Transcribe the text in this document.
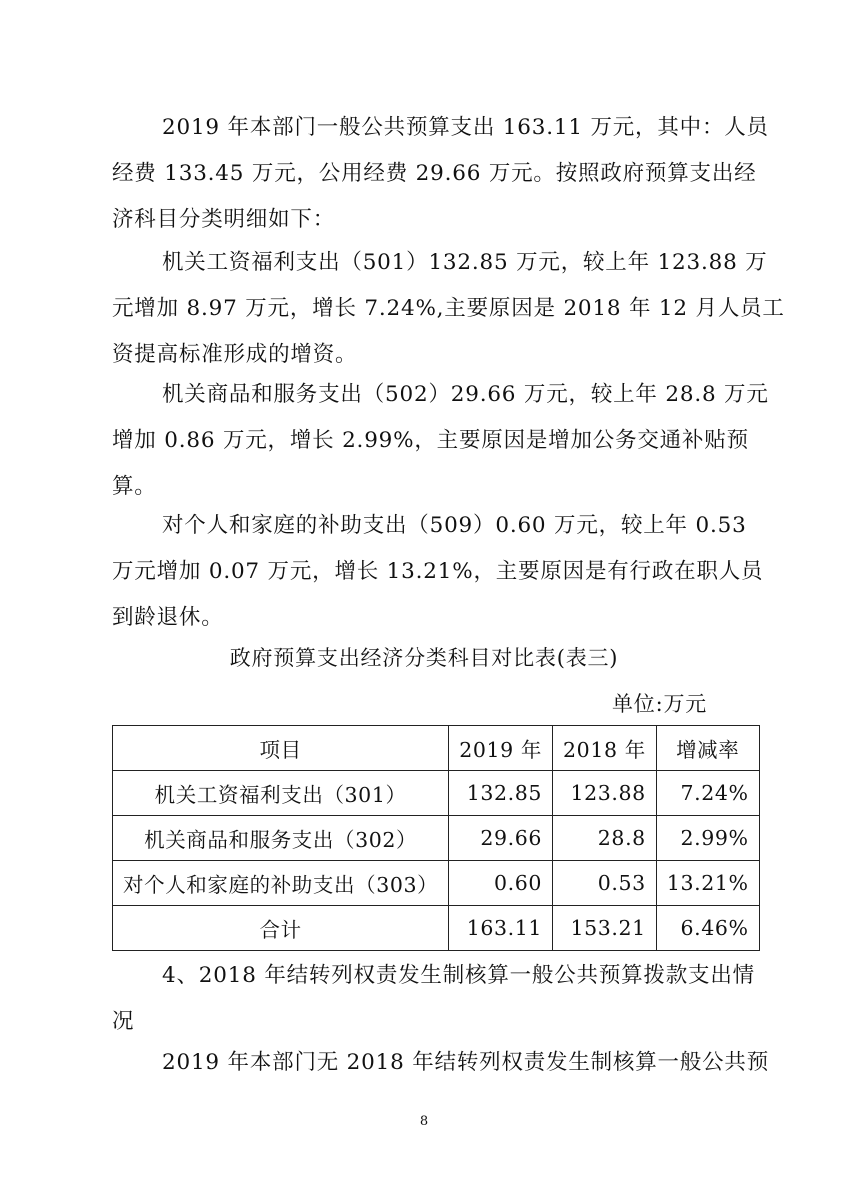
2019 年本部门一般公共预算支出 163.11 万元，其中：人员
经费 133.45 万元，公用经费 29.66 万元。按照政府预算支出经
济科目分类明细如下：

机关工资福利支出（501）132.85 万元，较上年 123.88 万
元增加 8.97 万元，增长 7.24%,主要原因是 2018 年 12 月人员工
资提高标准形成的增资。

机关商品和服务支出（502）29.66 万元，较上年 28.8 万元
增加 0.86 万元，增长 2.99%，主要原因是增加公务交通补贴预
算。

对个人和家庭的补助支出（509）0.60 万元，较上年 0.53
万元增加 0.07 万元，增长 13.21%，主要原因是有行政在职人员
到龄退休。

政府预算支出经济分类科目对比表(表三)
单位:万元
项目	2019 年	2018 年	增减率
机关工资福利支出（301）	132.85	123.88	7.24%
机关商品和服务支出（302）	29.66	28.8	2.99%
对个人和家庭的补助支出（303）	0.60	0.53	13.21%
合计	163.11	153.21	6.46%

4、2018 年结转列权责发生制核算一般公共预算拨款支出情
况

2019 年本部门无 2018 年结转列权责发生制核算一般公共预

8
